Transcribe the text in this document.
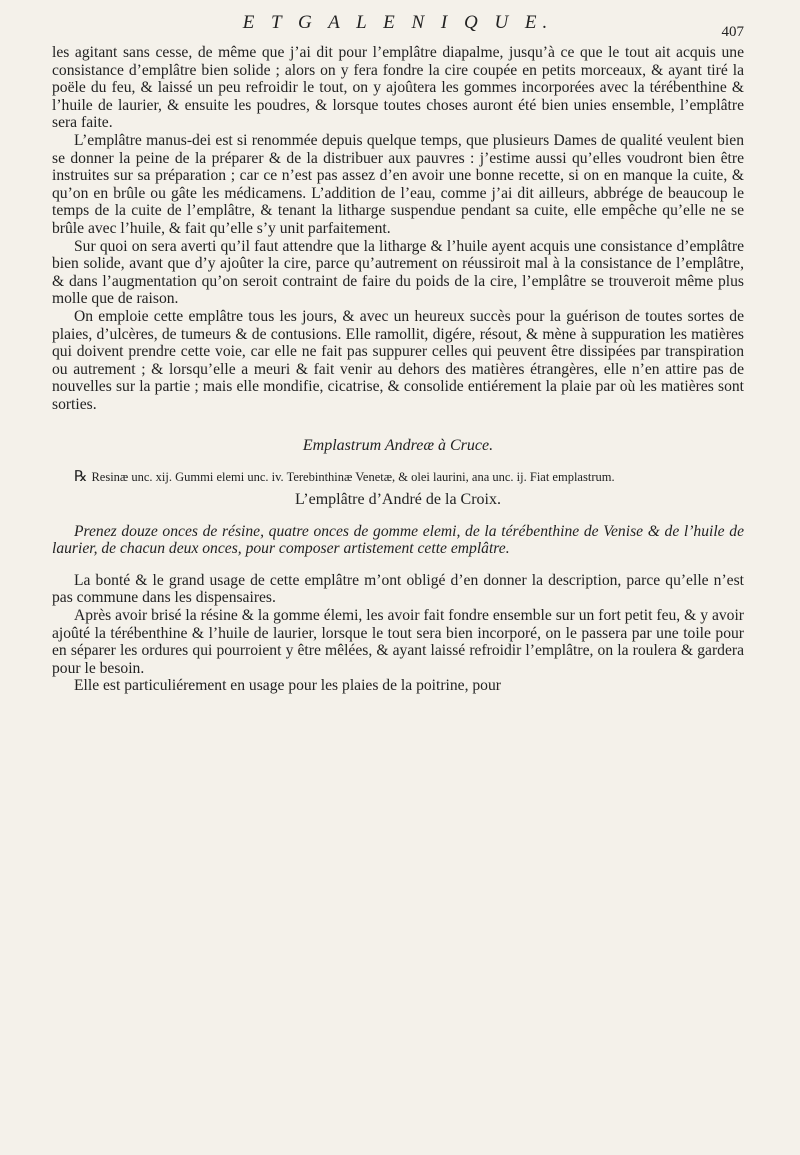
E T G A L E N I Q U E.	407

les agitant sans cesse, de même que j’ai dit pour l’emplâtre diapalme, jusqu’à ce que le tout ait acquis une consistance d’emplâtre bien solide ; alors on y fera fondre la cire coupée en petits morceaux, & ayant tiré la poële du feu, & laissé un peu refroidir le tout, on y ajoûtera les gommes incorporées avec la térébenthine & l’huile de laurier, & ensuite les poudres, & lorsque toutes choses auront été bien unies ensemble, l’emplâtre sera faite.

L’emplâtre manus-dei est si renommée depuis quelque temps, que plusieurs Dames de qualité veulent bien se donner la peine de la préparer & de la distribuer aux pauvres : j’estime aussi qu’elles voudront bien être instruites sur sa préparation ; car ce n’est pas assez d’en avoir une bonne recette, si on en manque la cuite, & qu’on en brûle ou gâte les médicamens. L’addition de l’eau, comme j’ai dit ailleurs, abbrége de beaucoup le temps de la cuite de l’emplâtre, & tenant la litharge suspendue pendant sa cuite, elle empêche qu’elle ne se brûle avec l’huile, & fait qu’elle s’y unit parfaitement.

Sur quoi on sera averti qu’il faut attendre que la litharge & l’huile ayent acquis une consistance d’emplâtre bien solide, avant que d’y ajoûter la cire, parce qu’autrement on réussiroit mal à la consistance de l’emplâtre, & dans l’augmentation qu’on seroit contraint de faire du poids de la cire, l’emplâtre se trouveroit même plus molle que de raison.

On emploie cette emplâtre tous les jours, & avec un heureux succès pour la guérison de toutes sortes de plaies, d’ulcères, de tumeurs & de contusions. Elle ramollit, digére, résout, & mène à suppuration les matières qui doivent prendre cette voie, car elle ne fait pas suppurer celles qui peuvent être dissipées par transpiration ou autrement ; & lorsqu’elle a meuri & fait venir au dehors des matières étrangères, elle n’en attire pas de nouvelles sur la partie ; mais elle mondifie, cicatrise, & consolide entiérement la plaie par où les matières sont sorties.

Emplastrum Andreæ à Cruce.

℞ Resinæ unc. xij. Gummi elemi unc. iv. Terebinthinæ Venetæ, & olei laurini, ana unc. ij. Fiat emplastrum.

L’emplâtre d’André de la Croix.

Prenez douze onces de résine, quatre onces de gomme elemi, de la térébenthine de Venise & de l’huile de laurier, de chacun deux onces, pour composer artistement cette emplâtre.

La bonté & le grand usage de cette emplâtre m’ont obligé d’en donner la description, parce qu’elle n’est pas commune dans les dispensaires.

Après avoir brisé la résine & la gomme élemi, les avoir fait fondre ensemble sur un fort petit feu, & y avoir ajoûté la térébenthine & l’huile de laurier, lorsque le tout sera bien incorporé, on le passera par une toile pour en séparer les ordures qui pourroient y être mêlées, & ayant laissé refroidir l’emplâtre, on la roulera & gardera pour le besoin.

Elle est particuliérement en usage pour les plaies de la poitrine, pour
